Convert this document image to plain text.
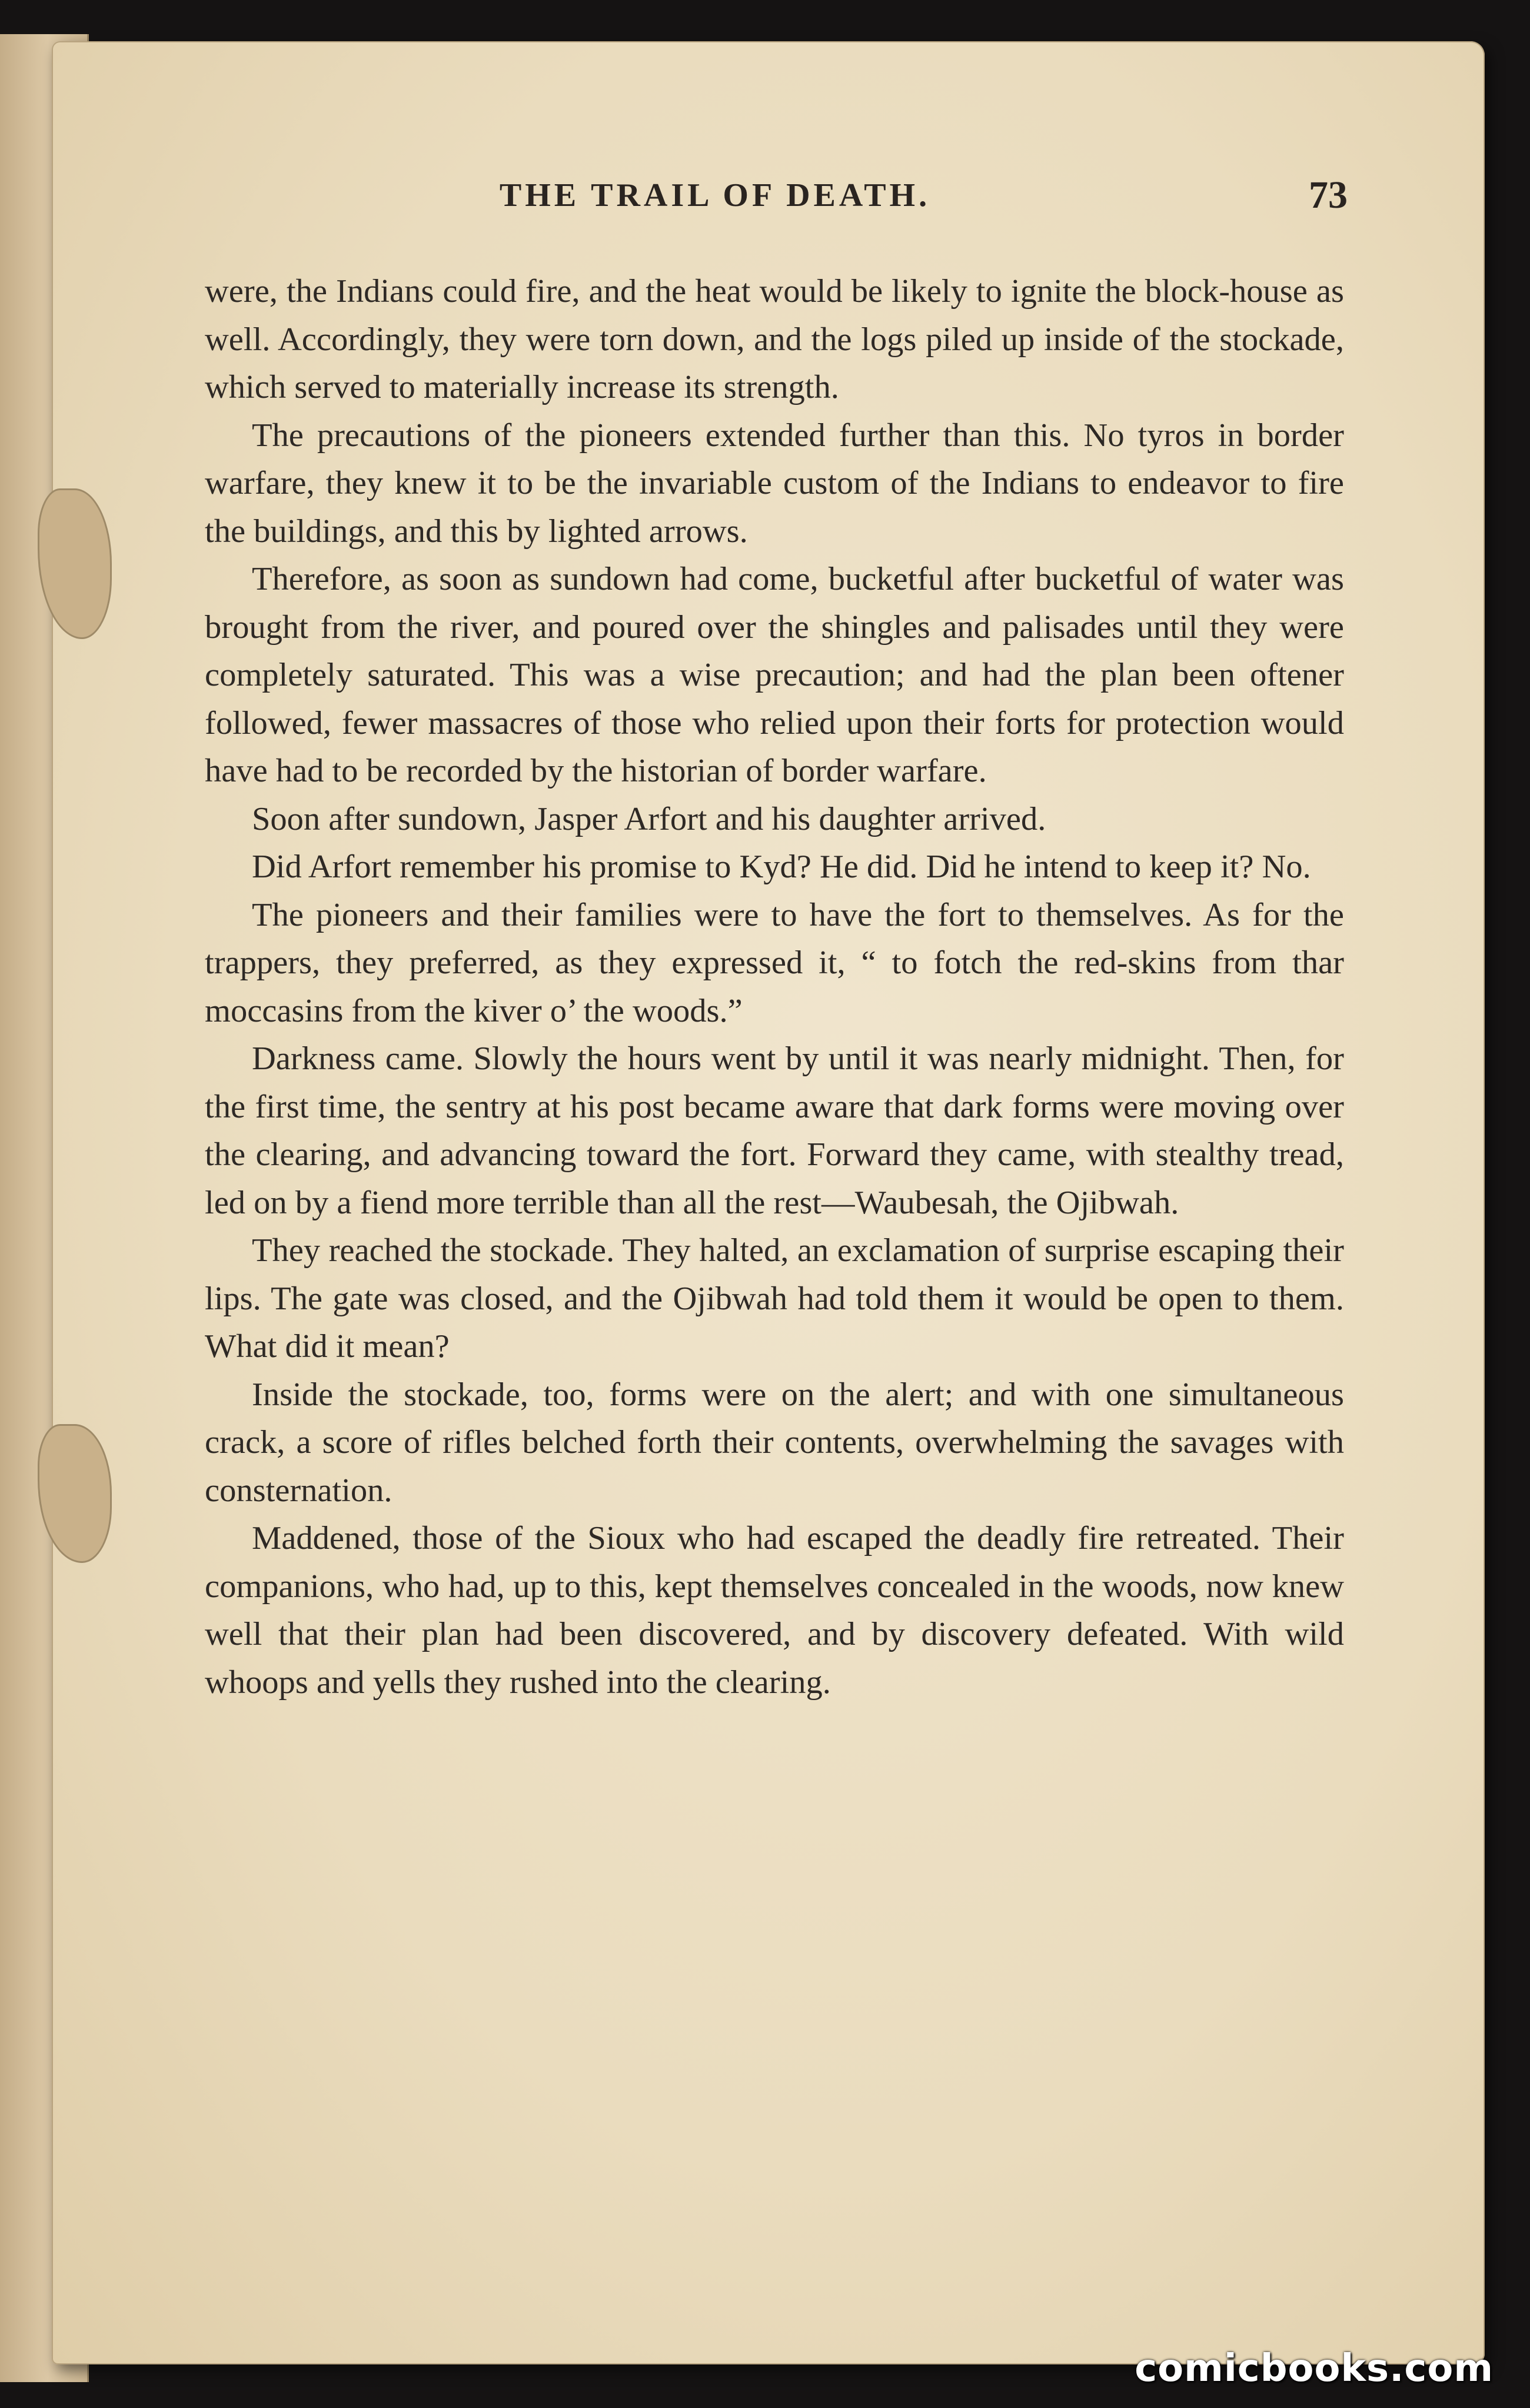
THE TRAIL OF DEATH.	73

were, the Indians could fire, and the heat would be likely to ignite the block-house as well. Accordingly, they were torn down, and the logs piled up inside of the stockade, which served to materially increase its strength.

The precautions of the pioneers extended further than this. No tyros in border warfare, they knew it to be the invariable custom of the Indians to endeavor to fire the buildings, and this by lighted arrows.

Therefore, as soon as sundown had come, bucketful after bucketful of water was brought from the river, and poured over the shingles and palisades until they were completely saturated. This was a wise precaution; and had the plan been oftener followed, fewer massacres of those who relied upon their forts for protection would have had to be recorded by the historian of border warfare.

Soon after sundown, Jasper Arfort and his daughter arrived.

Did Arfort remember his promise to Kyd? He did. Did he intend to keep it? No.

The pioneers and their families were to have the fort to themselves. As for the trappers, they preferred, as they expressed it, “ to fotch the red-skins from thar moccasins from the kiver o’ the woods.”

Darkness came. Slowly the hours went by until it was nearly midnight. Then, for the first time, the sentry at his post became aware that dark forms were moving over the clearing, and advancing toward the fort. Forward they came, with stealthy tread, led on by a fiend more terrible than all the rest—Waubesah, the Ojibwah.

They reached the stockade. They halted, an exclamation of surprise escaping their lips. The gate was closed, and the Ojibwah had told them it would be open to them. What did it mean?

Inside the stockade, too, forms were on the alert; and with one simultaneous crack, a score of rifles belched forth their contents, overwhelming the savages with consternation.

Maddened, those of the Sioux who had escaped the deadly fire retreated. Their companions, who had, up to this, kept themselves concealed in the woods, now knew well that their plan had been discovered, and by discovery defeated. With wild whoops and yells they rushed into the clearing.

comicbooks.com
